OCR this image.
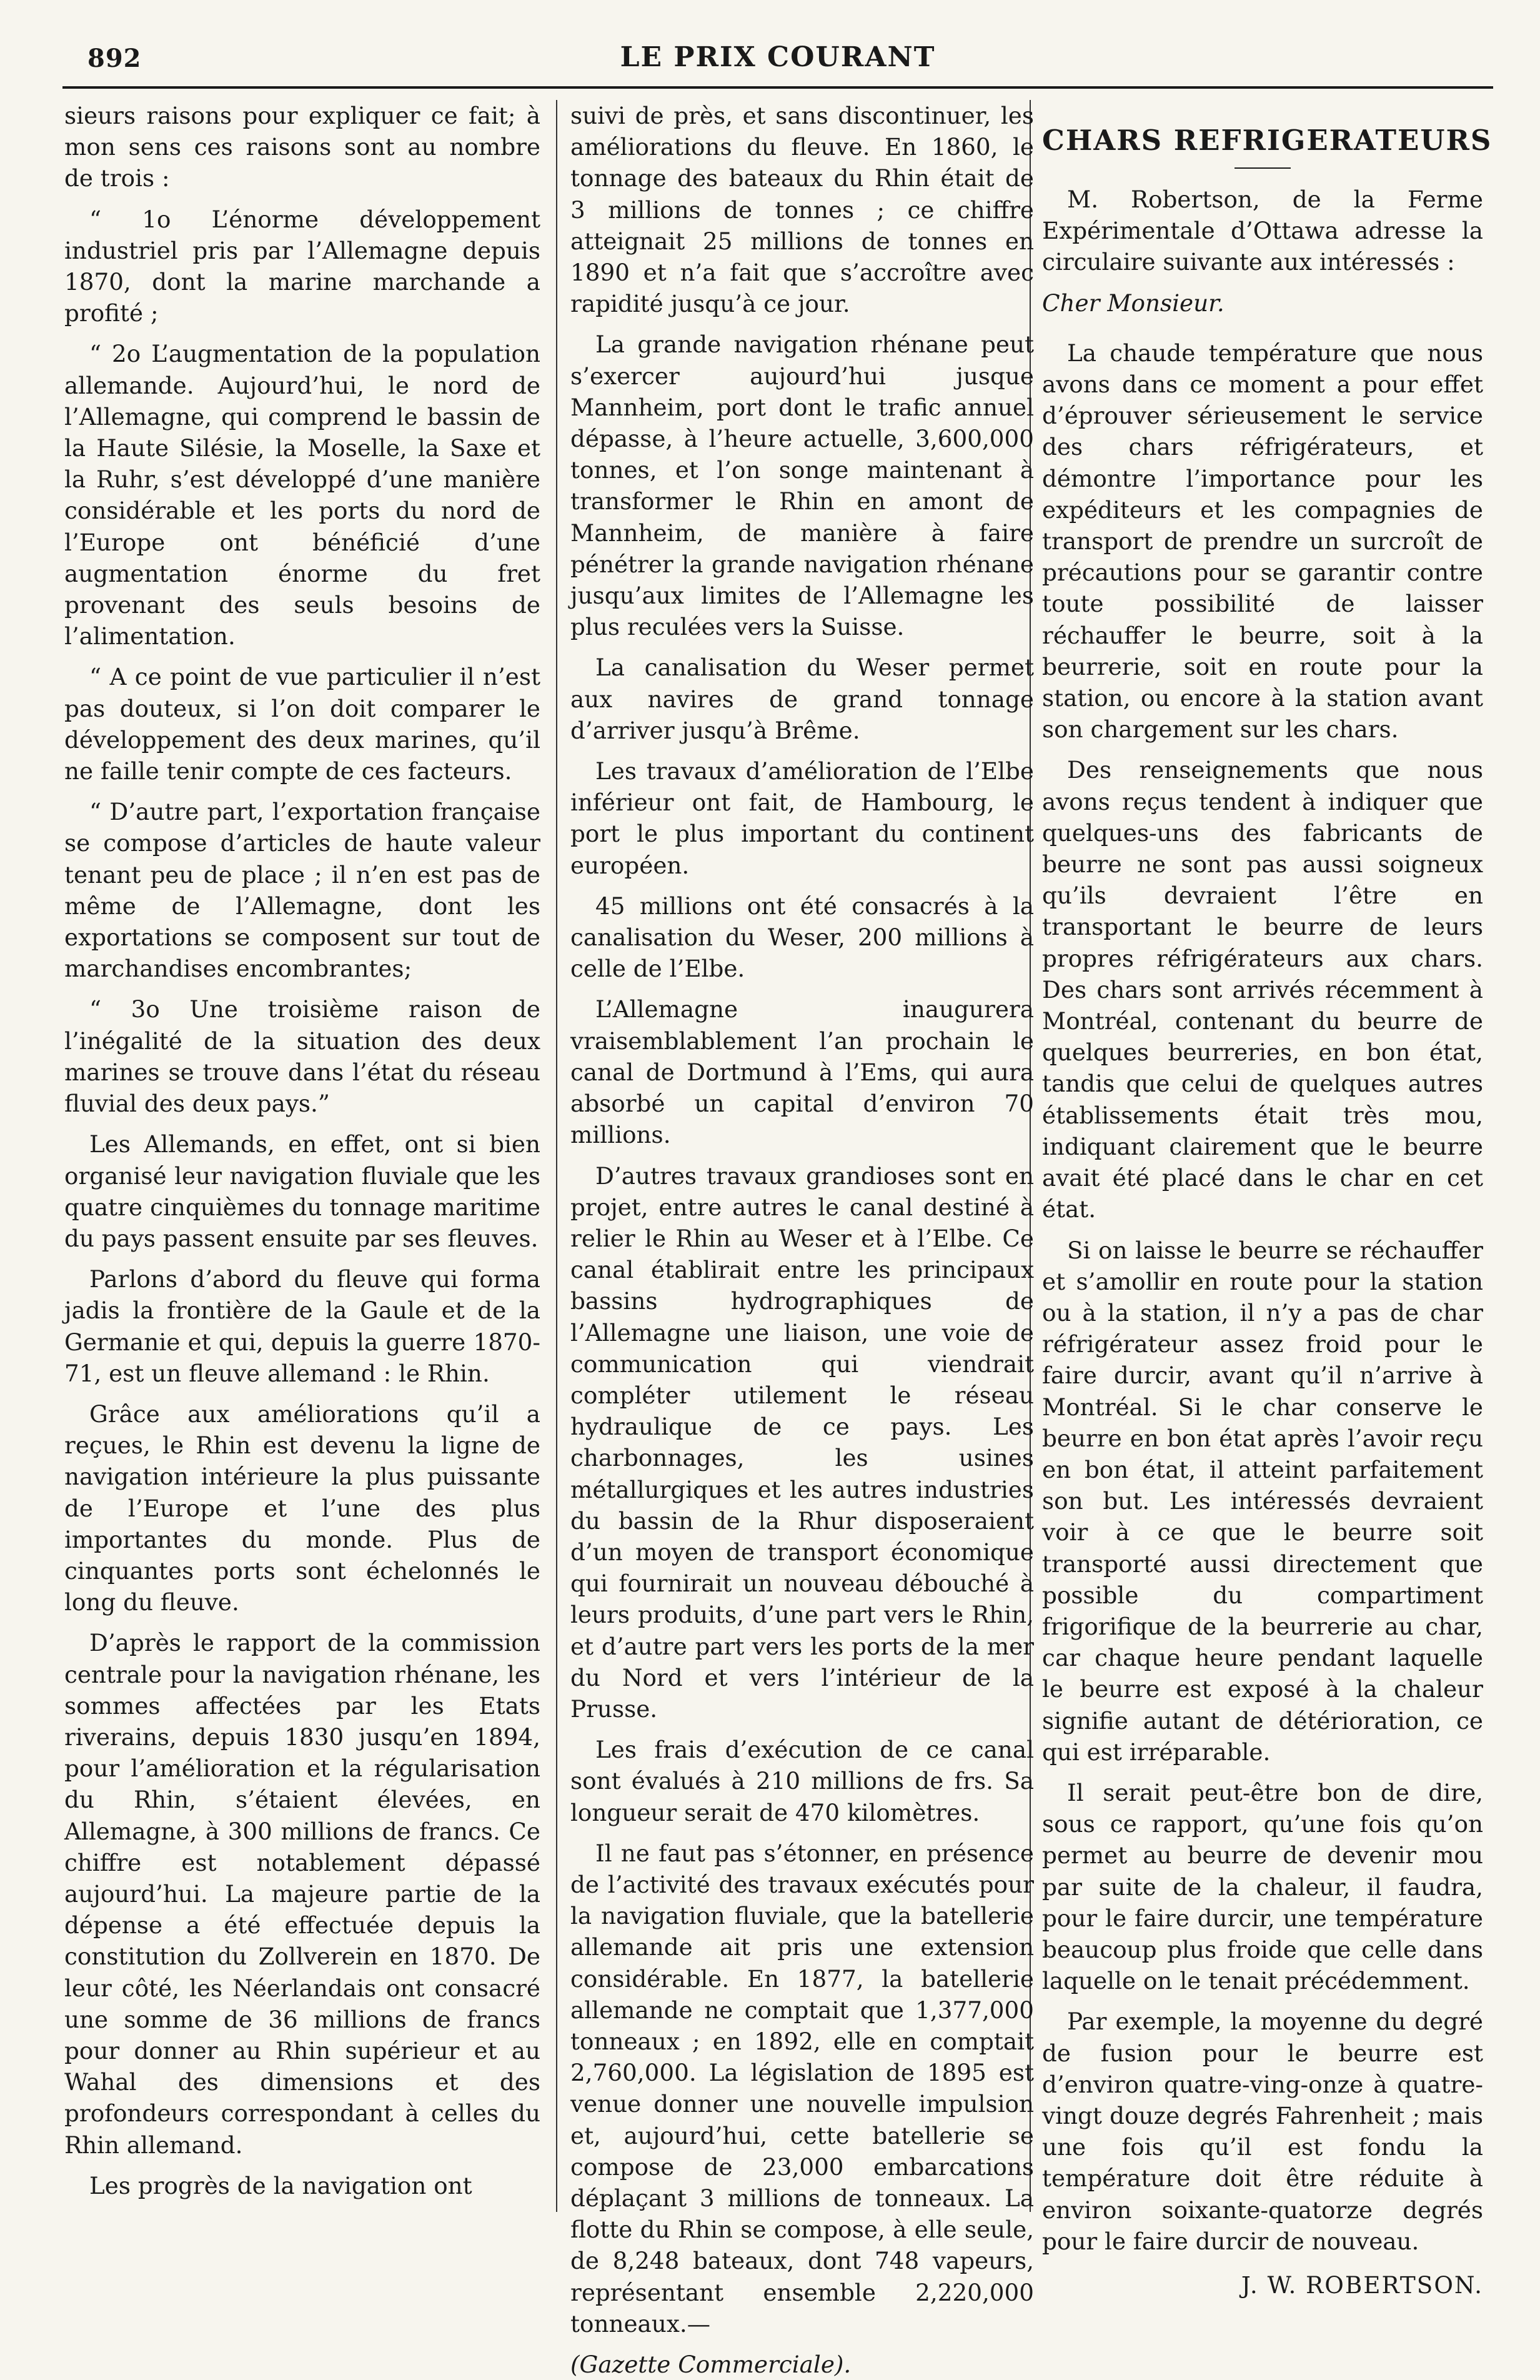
892	LE PRIX COURANT

sieurs raisons pour expliquer ce fait; à mon sens ces raisons sont au nombre de trois :

“ 1o L’énorme développement industriel pris par l’Allemagne depuis 1870, dont la marine marchande a profité ;

“ 2o L’augmentation de la population allemande. Aujourd’hui, le nord de l’Allemagne, qui comprend le bassin de la Haute Silésie, la Moselle, la Saxe et la Ruhr, s’est développé d’une manière considérable et les ports du nord de l’Europe ont bénéficié d’une augmentation énorme du fret provenant des seuls besoins de l’alimentation.

“ A ce point de vue particulier il n’est pas douteux, si l’on doit comparer le développement des deux marines, qu’il ne faille tenir compte de ces facteurs.

“ D’autre part, l’exportation française se compose d’articles de haute valeur tenant peu de place ; il n’en est pas de même de l’Allemagne, dont les exportations se composent sur tout de marchandises encombrantes;

“ 3o Une troisième raison de l’inégalité de la situation des deux marines se trouve dans l’état du réseau fluvial des deux pays.”

Les Allemands, en effet, ont si bien organisé leur navigation fluviale que les quatre cinquièmes du tonnage maritime du pays passent ensuite par ses fleuves.

Parlons d’abord du fleuve qui forma jadis la frontière de la Gaule et de la Germanie et qui, depuis la guerre 1870-71, est un fleuve allemand : le Rhin.

Grâce aux améliorations qu’il a reçues, le Rhin est devenu la ligne de navigation intérieure la plus puissante de l’Europe et l’une des plus importantes du monde. Plus de cinquantes ports sont échelonnés le long du fleuve.

D’après le rapport de la commission centrale pour la navigation rhénane, les sommes affectées par les Etats riverains, depuis 1830 jusqu’en 1894, pour l’amélioration et la régularisation du Rhin, s’étaient élevées, en Allemagne, à 300 millions de francs. Ce chiffre est notablement dépassé aujourd’hui. La majeure partie de la dépense a été effectuée depuis la constitution du Zollverein en 1870. De leur côté, les Néerlandais ont consacré une somme de 36 millions de francs pour donner au Rhin supérieur et au Wahal des dimensions et des profondeurs correspondant à celles du Rhin allemand.

Les progrès de la navigation ont

suivi de près, et sans discontinuer, les améliorations du fleuve. En 1860, le tonnage des bateaux du Rhin était de 3 millions de tonnes ; ce chiffre atteignait 25 millions de tonnes en 1890 et n’a fait que s’accroître avec rapidité jusqu’à ce jour.

La grande navigation rhénane peut s’exercer aujourd’hui jusque Mannheim, port dont le trafic annuel dépasse, à l’heure actuelle, 3,600,000 tonnes, et l’on songe maintenant à transformer le Rhin en amont de Mannheim, de manière à faire pénétrer la grande navigation rhénane jusqu’aux limites de l’Allemagne les plus reculées vers la Suisse.

La canalisation du Weser permet aux navires de grand tonnage d’arriver jusqu’à Brême.

Les travaux d’amélioration de l’Elbe inférieur ont fait, de Hambourg, le port le plus important du continent européen.

45 millions ont été consacrés à la canalisation du Weser, 200 millions à celle de l’Elbe.

L’Allemagne inaugurera vraisemblablement l’an prochain le canal de Dortmund à l’Ems, qui aura absorbé un capital d’environ 70 millions.

D’autres travaux grandioses sont en projet, entre autres le canal destiné à relier le Rhin au Weser et à l’Elbe. Ce canal établirait entre les principaux bassins hydrographiques de l’Allemagne une liaison, une voie de communication qui viendrait compléter utilement le réseau hydraulique de ce pays. Les charbonnages, les usines métallurgiques et les autres industries du bassin de la Rhur disposeraient d’un moyen de transport économique qui fournirait un nouveau débouché à leurs produits, d’une part vers le Rhin, et d’autre part vers les ports de la mer du Nord et vers l’intérieur de la Prusse.

Les frais d’exécution de ce canal sont évalués à 210 millions de frs. Sa longueur serait de 470 kilomètres.

Il ne faut pas s’étonner, en présence de l’activité des travaux exécutés pour la navigation fluviale, que la batellerie allemande ait pris une extension considérable. En 1877, la batellerie allemande ne comptait que 1,377,000 tonneaux ; en 1892, elle en comptait 2,760,000. La législation de 1895 est venue donner une nouvelle impulsion et, aujourd’hui, cette batellerie se compose de 23,000 embarcations déplaçant 3 millions de tonneaux. La flotte du Rhin se compose, à elle seule, de 8,248 bateaux, dont 748 vapeurs, représentant ensemble 2,220,000 tonneaux.—

(Gazette Commerciale).

CHARS REFRIGERATEURS

M. Robertson, de la Ferme Expérimentale d’Ottawa adresse la circulaire suivante aux intéressés :

Cher Monsieur.

La chaude température que nous avons dans ce moment a pour effet d’éprouver sérieusement le service des chars réfrigérateurs, et démontre l’importance pour les expéditeurs et les compagnies de transport de prendre un surcroît de précautions pour se garantir contre toute possibilité de laisser réchauffer le beurre, soit à la beurrerie, soit en route pour la station, ou encore à la station avant son chargement sur les chars.

Des renseignements que nous avons reçus tendent à indiquer que quelques-uns des fabricants de beurre ne sont pas aussi soigneux qu’ils devraient l’être en transportant le beurre de leurs propres réfrigérateurs aux chars. Des chars sont arrivés récemment à Montréal, contenant du beurre de quelques beurreries, en bon état, tandis que celui de quelques autres établissements était très mou, indiquant clairement que le beurre avait été placé dans le char en cet état.

Si on laisse le beurre se réchauffer et s’amollir en route pour la station ou à la station, il n’y a pas de char réfrigérateur assez froid pour le faire durcir, avant qu’il n’arrive à Montréal. Si le char conserve le beurre en bon état après l’avoir reçu en bon état, il atteint parfaitement son but. Les intéressés devraient voir à ce que le beurre soit transporté aussi directement que possible du compartiment frigorifique de la beurrerie au char, car chaque heure pendant laquelle le beurre est exposé à la chaleur signifie autant de détérioration, ce qui est irréparable.

Il serait peut-être bon de dire, sous ce rapport, qu’une fois qu’on permet au beurre de devenir mou par suite de la chaleur, il faudra, pour le faire durcir, une température beaucoup plus froide que celle dans laquelle on le tenait précédemment.

Par exemple, la moyenne du degré de fusion pour le beurre est d’environ quatre-ving-onze à quatre-vingt douze degrés Fahrenheit ; mais une fois qu’il est fondu la température doit être réduite à environ soixante-quatorze degrés pour le faire durcir de nouveau.

J. W. ROBERTSON.
